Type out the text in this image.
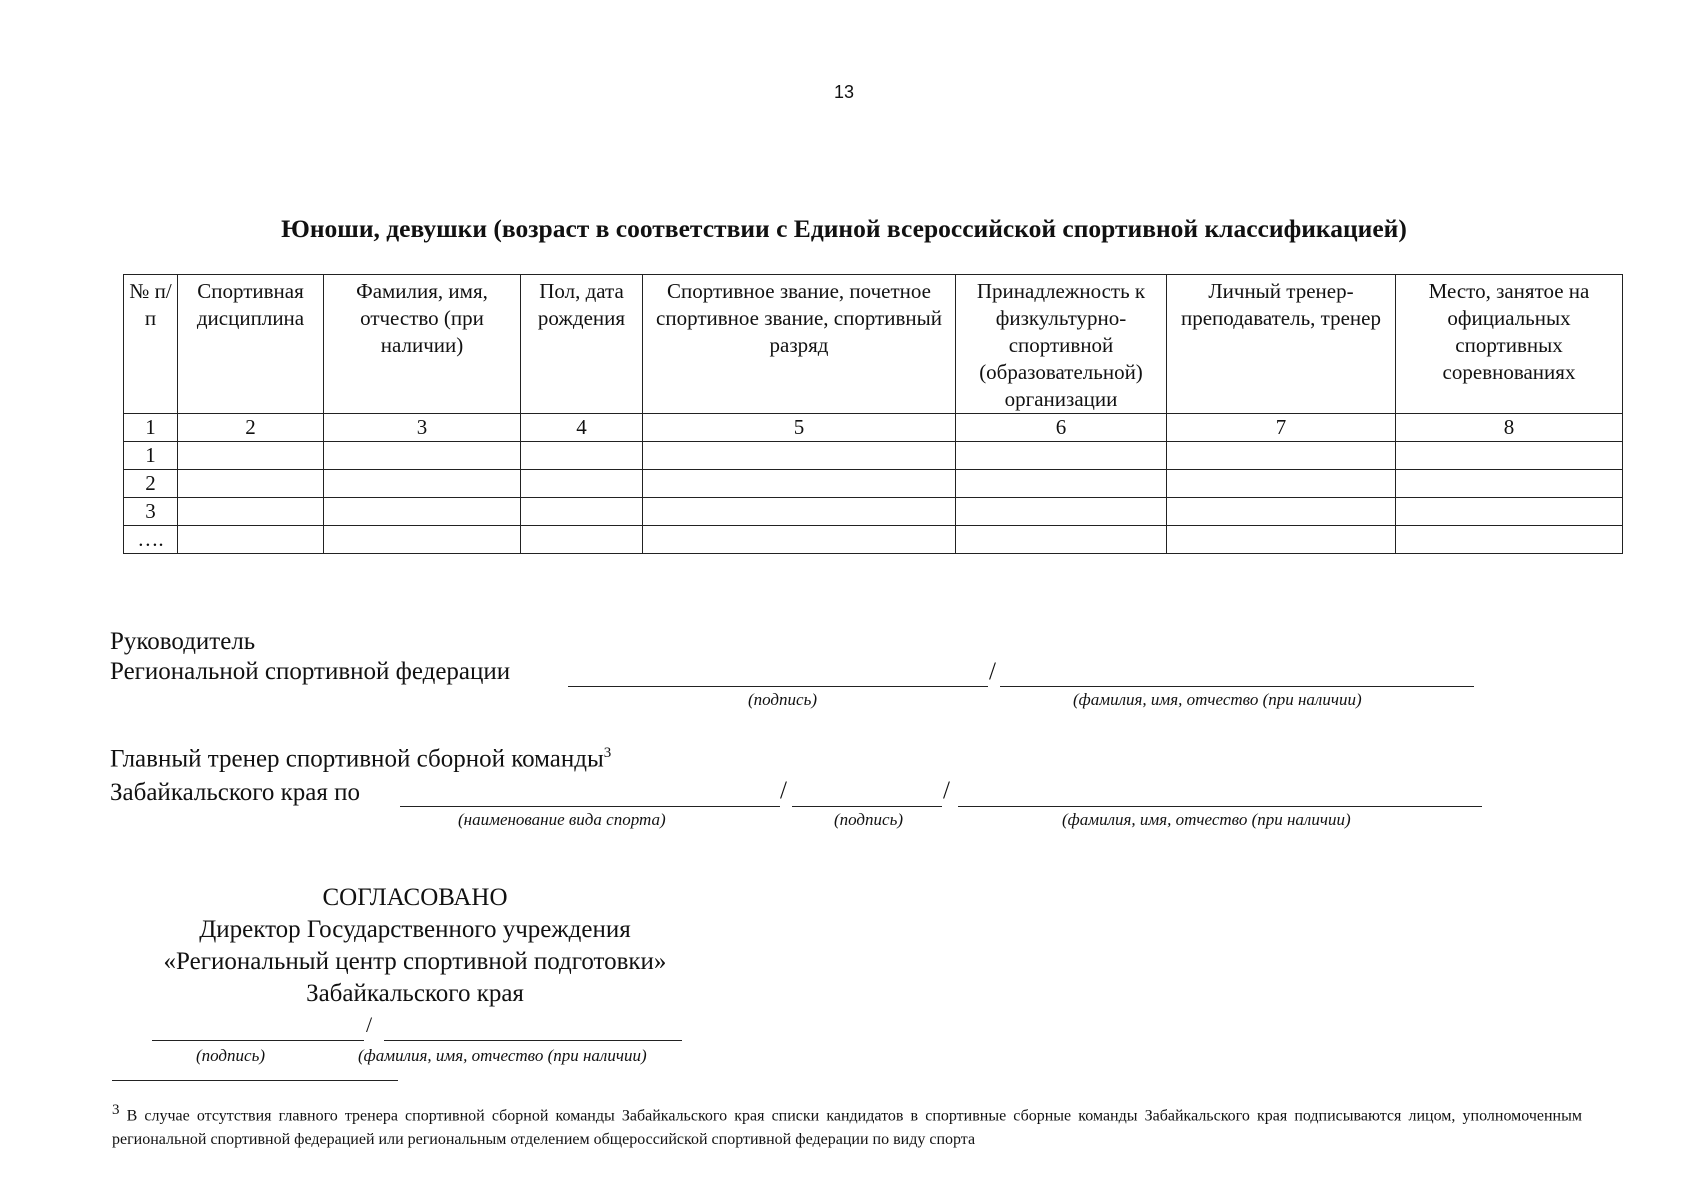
13
Юноши, девушки (возраст в соответствии с Единой всероссийской спортивной классификацией)
№ п/п	Спортивная дисциплина	Фамилия, имя, отчество (при наличии)	Пол, дата рождения	Спортивное звание, почетное спортивное звание, спортивный разряд	Принадлежность к физкультурно-спортивной (образовательной) организации	Личный тренер-преподаватель, тренер	Место, занятое на официальных спортивных соревнованиях
1	2	3	4	5	6	7	8
1							
2							
3							
….							
Руководитель
Региональной спортивной федерации	/
(подпись)	(фамилия, имя, отчество (при наличии)
Главный тренер спортивной сборной команды$^3$
Забайкальского края по	/	/
(наименование вида спорта)	(подпись)	(фамилия, имя, отчество (при наличии)
СОГЛАСОВАНО
Директор Государственного учреждения
«Региональный центр спортивной подготовки»
Забайкальского края
/
(подпись)	(фамилия, имя, отчество (при наличии)
$^3$ В случае отсутствия главного тренера спортивной сборной команды Забайкальского края списки кандидатов в спортивные сборные команды Забайкальского края подписываются лицом, уполномоченным региональной спортивной федерацией или региональным отделением общероссийской спортивной федерации по виду спорта
